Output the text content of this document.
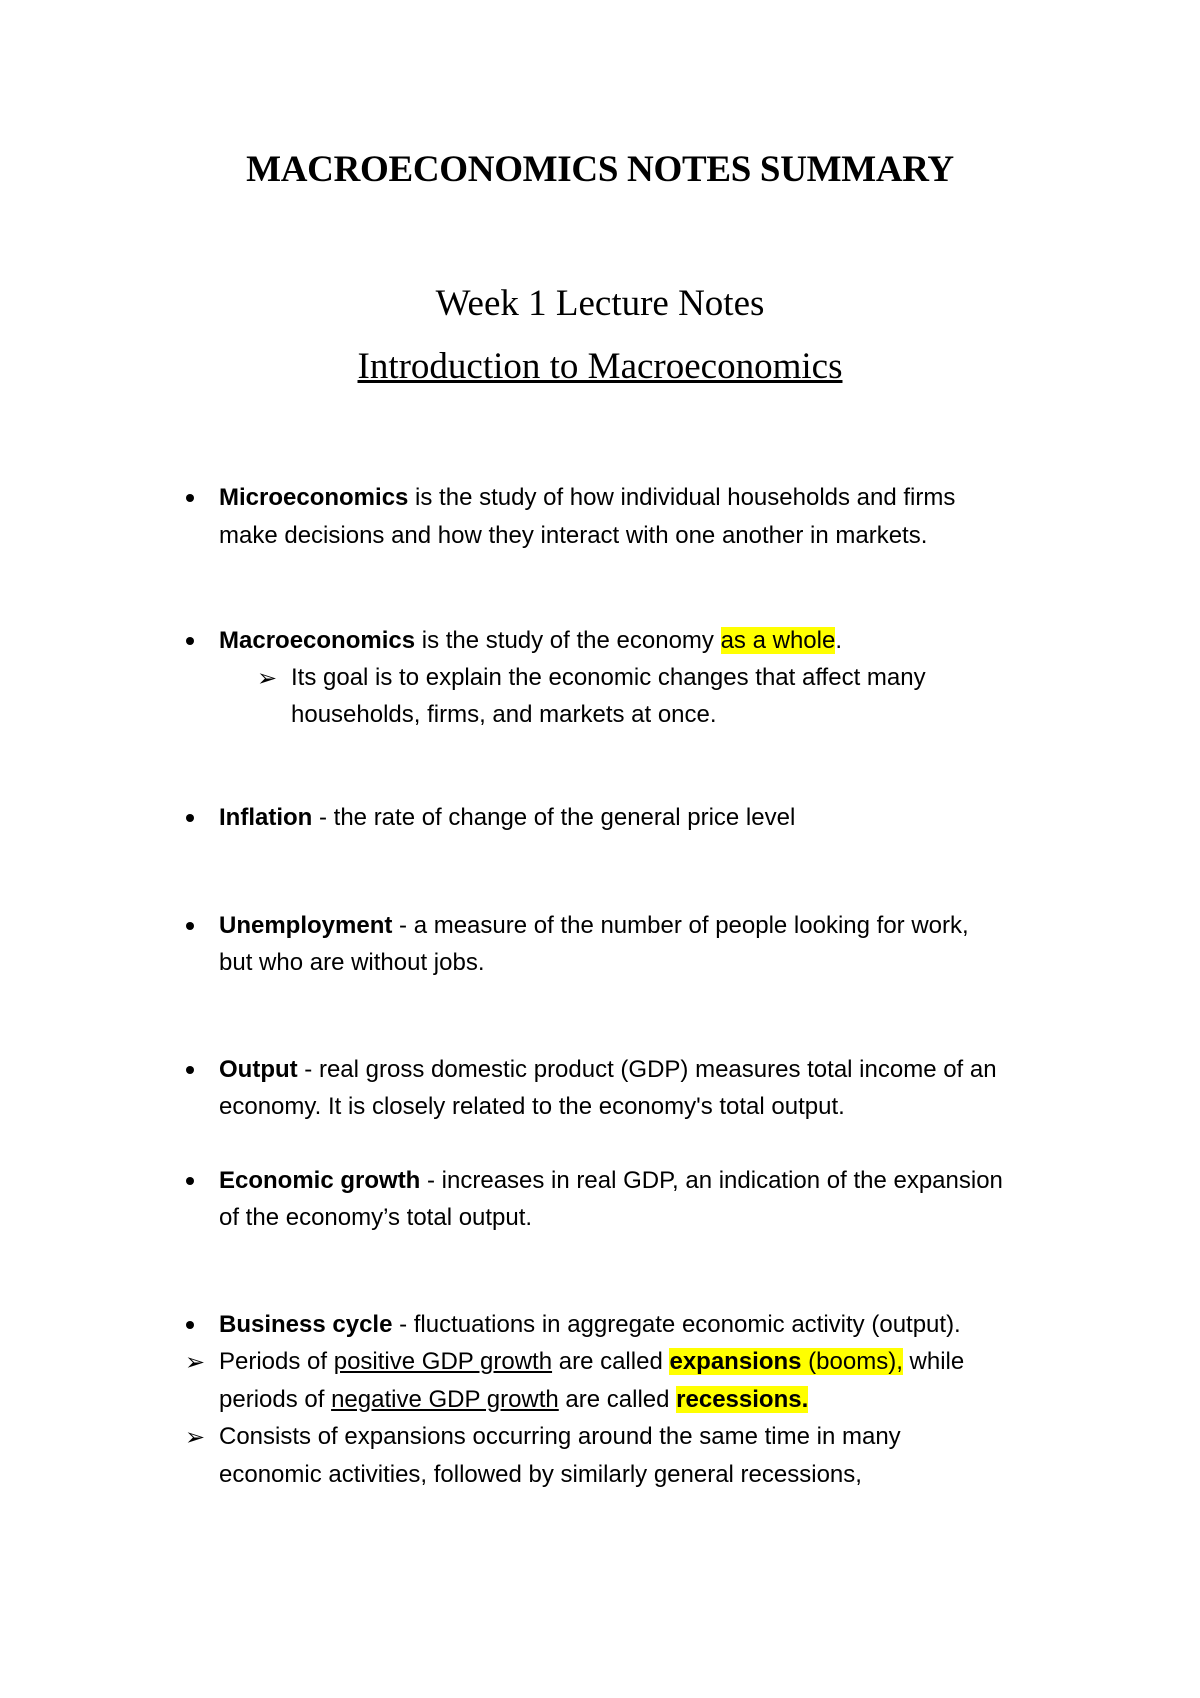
MACROECONOMICS NOTES SUMMARY
Week 1 Lecture Notes
Introduction to Macroeconomics
Microeconomics is the study of how individual households and firms
make decisions and how they interact with one another in markets.
Macroeconomics is the study of the economy as a whole.
➢ Its goal is to explain the economic changes that affect many
households, firms, and markets at once.
Inflation - the rate of change of the general price level
Unemployment - a measure of the number of people looking for work,
but who are without jobs.
Output - real gross domestic product (GDP) measures total income of an
economy. It is closely related to the economy's total output.
Economic growth - increases in real GDP, an indication of the expansion
of the economy’s total output.
Business cycle - fluctuations in aggregate economic activity (output).
➢ Periods of positive GDP growth are called expansions (booms), while
periods of negative GDP growth are called recessions.
➢ Consists of expansions occurring around the same time in many
economic activities, followed by similarly general recessions,
